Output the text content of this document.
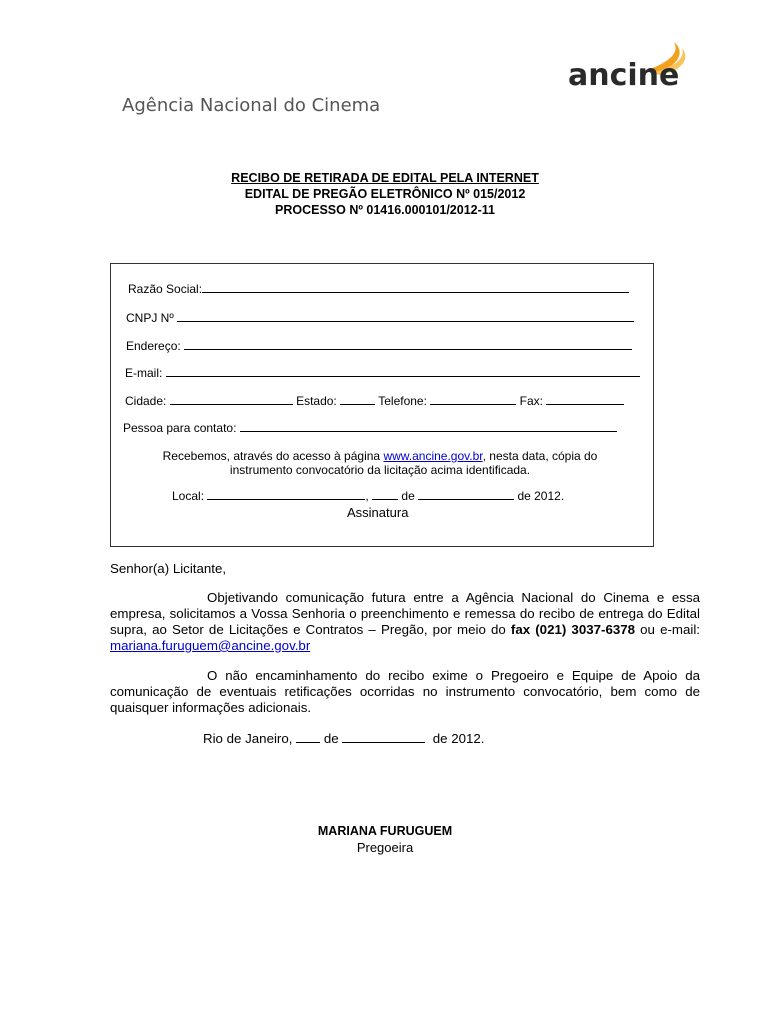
ancine
Agência Nacional do Cinema
RECIBO DE RETIRADA DE EDITAL PELA INTERNET
EDITAL DE PREGÃO ELETRÔNICO Nº 015/2012
PROCESSO Nº 01416.000101/2012-11
Razão Social:
CNPJ Nº
Endereço:
E-mail:
Cidade:	Estado:	Telefone:	Fax:
Pessoa para contato:
Recebemos, através do acesso à página www.ancine.gov.br, nesta data, cópia do
instrumento convocatório da licitação acima identificada.
Local:	,	de	de 2012.
Assinatura
Senhor(a) Licitante,
Objetivando comunicação futura entre a Agência Nacional do Cinema e essa empresa, solicitamos a Vossa Senhoria o preenchimento e remessa do recibo de entrega do Edital supra, ao Setor de Licitações e Contratos – Pregão, por meio do fax (021) 3037-6378 ou e-mail: mariana.furuguem@ancine.gov.br
O não encaminhamento do recibo exime o Pregoeiro e Equipe de Apoio da comunicação de eventuais retificações ocorridas no instrumento convocatório, bem como de quaisquer informações adicionais.
Rio de Janeiro, de	de 2012.
MARIANA FURUGUEM
Pregoeira
